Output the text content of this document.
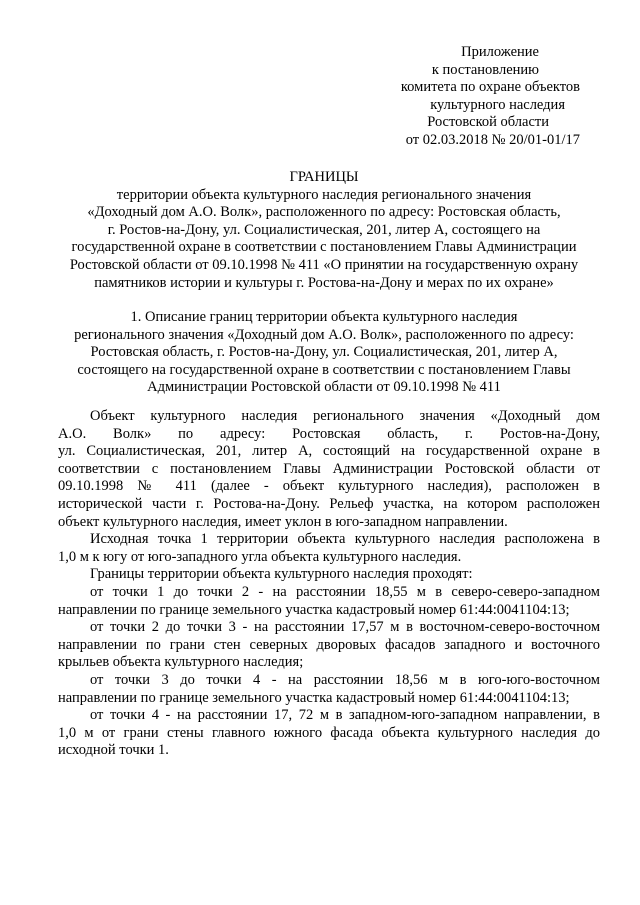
Приложение
к постановлению
комитета по охране объектов
культурного наследия
Ростовской области
от 02.03.2018 № 20/01-01/17
ГРАНИЦЫ
территории объекта культурного наследия регионального значения
«Доходный дом А.О. Волк», расположенного по адресу: Ростовская область,
г. Ростов-на-Дону, ул. Социалистическая, 201, литер А, состоящего на
государственной охране в соответствии с постановлением Главы Администрации
Ростовской области от 09.10.1998 № 411 «О принятии на государственную охрану
памятников истории и культуры г. Ростова-на-Дону и мерах по их охране»
1. Описание границ территории объекта культурного наследия
регионального значения «Доходный дом А.О. Волк», расположенного по адресу:
Ростовская область, г. Ростов-на-Дону, ул. Социалистическая, 201, литер А,
состоящего на государственной охране в соответствии с постановлением Главы
Администрации Ростовской области от 09.10.1998 № 411
Объект культурного наследия регионального значения «Доходный дом
А.О. Волк» по адресу: Ростовская область, г. Ростов-на-Дону,
ул. Социалистическая, 201, литер А, состоящий на государственной охране в
соответствии с постановлением Главы Администрации Ростовской области от
09.10.1998 № 411 (далее - объект культурного наследия), расположен в
исторической части г. Ростова-на-Дону. Рельеф участка, на котором расположен
объект культурного наследия, имеет уклон в юго-западном направлении.
Исходная точка 1 территории объекта культурного наследия расположена в
1,0 м к югу от юго-западного угла объекта культурного наследия.
Границы территории объекта культурного наследия проходят:
от точки 1 до точки 2 - на расстоянии 18,55 м в северо-северо-западном
направлении по границе земельного участка кадастровый номер 61:44:0041104:13;
от точки 2 до точки 3 - на расстоянии 17,57 м в восточном-северо-восточном
направлении по грани стен северных дворовых фасадов западного и восточного
крыльев объекта культурного наследия;
от точки 3 до точки 4 - на расстоянии 18,56 м в юго-юго-восточном
направлении по границе земельного участка кадастровый номер 61:44:0041104:13;
от точки 4 - на расстоянии 17, 72 м в западном-юго-западном направлении, в
1,0 м от грани стены главного южного фасада объекта культурного наследия до
исходной точки 1.
